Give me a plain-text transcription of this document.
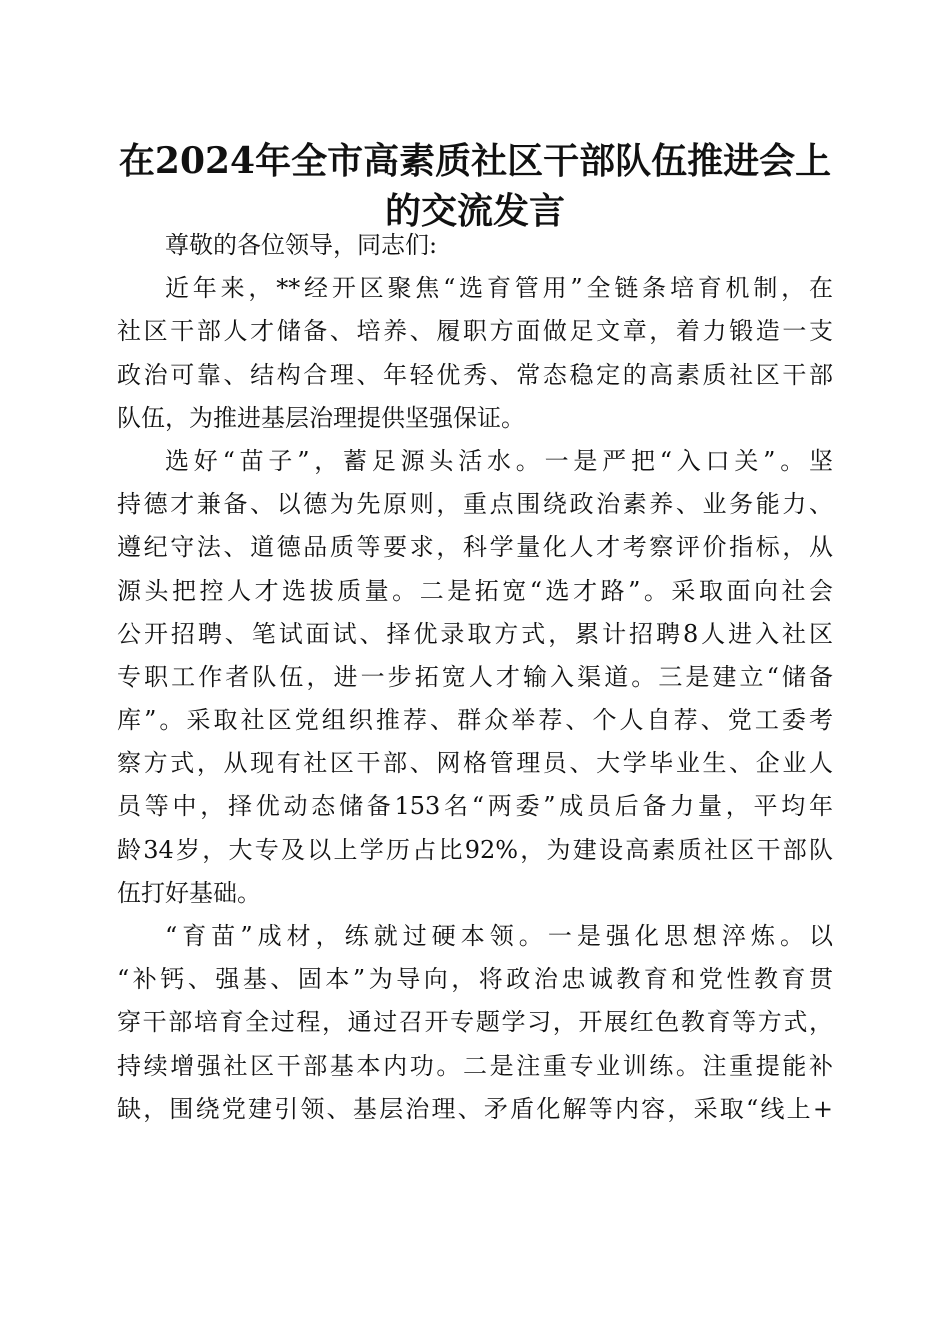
在2024年全市高素质社区干部队伍推进会上
的交流发言
尊敬的各位领导，同志们:
近年来，**经开区聚焦“选育管用”全链条培育机制，在
社区干部人才储备、培养、履职方面做足文章，着力锻造一支
政治可靠、结构合理、年轻优秀、常态稳定的高素质社区干部
队伍，为推进基层治理提供坚强保证。
选好“苗子”，蓄足源头活水。一是严把“入口关”。坚
持德才兼备、以德为先原则，重点围绕政治素养、业务能力、
遵纪守法、道德品质等要求，科学量化人才考察评价指标，从
源头把控人才选拔质量。二是拓宽“选才路”。采取面向社会
公开招聘、笔试面试、择优录取方式，累计招聘8人进入社区
专职工作者队伍，进一步拓宽人才输入渠道。三是建立“储备
库”。采取社区党组织推荐、群众举荐、个人自荐、党工委考
察方式，从现有社区干部、网格管理员、大学毕业生、企业人
员等中，择优动态储备153名“两委”成员后备力量，平均年
龄34岁，大专及以上学历占比92%，为建设高素质社区干部队
伍打好基础。
“育苗”成材，练就过硬本领。一是强化思想淬炼。以
“补钙、强基、固本”为导向，将政治忠诚教育和党性教育贯
穿干部培育全过程，通过召开专题学习，开展红色教育等方式，
持续增强社区干部基本内功。二是注重专业训练。注重提能补
缺，围绕党建引领、基层治理、矛盾化解等内容，采取“线上+
